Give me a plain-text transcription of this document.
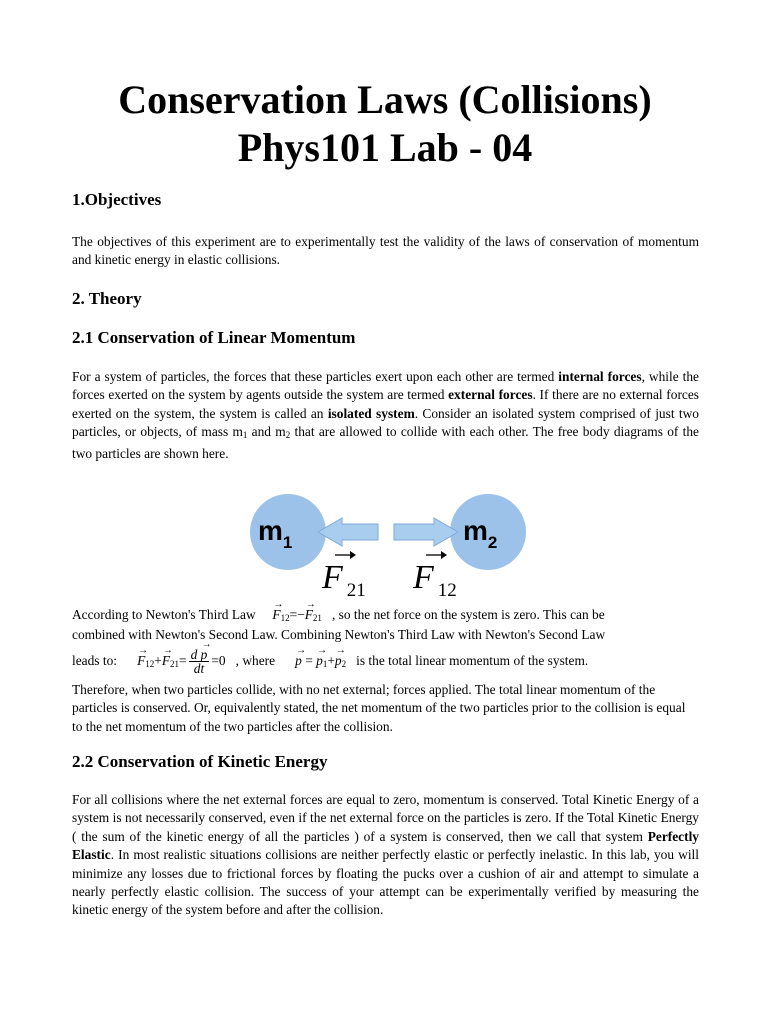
Conservation Laws (Collisions)
Phys101 Lab - 04
1.Objectives
The objectives of this experiment are to experimentally test the validity of the laws of conservation of momentum and kinetic energy in elastic collisions.
2. Theory
2.1 Conservation of Linear Momentum
For a system of particles, the forces that these particles exert upon each other are termed internal forces, while the forces exerted on the system by agents outside the system are termed external forces. If there are no external forces exerted on the system, the system is called an isolated system. Consider an isolated system comprised of just two particles, or objects, of mass $m_1$ and $m_2$ that are allowed to collide with each other. The free body diagrams of the two particles are shown here.
$m_1$	$m_2$
F $_{21}$ F $_{12}$
According to Newton's Third Law → $F_{12}=-\to F_{21}$ , so the net force on the system is zero. This can be
combined with Newton's Second Law. Combining Newton's Third Law with Newton's Second Law
leads to: → $F_{12}+\to F_{21}= \frac{d \to p}{dt} =0$ , where → p = → $p_1+\to p_2$ is the total linear momentum of the system.
Therefore, when two particles collide, with no net external; forces applied. The total linear momentum of the particles is conserved. Or, equivalently stated, the net momentum of the two particles prior to the collision is equal to the net momentum of the two particles after the collision.
2.2 Conservation of Kinetic Energy
For all collisions where the net external forces are equal to zero, momentum is conserved. Total Kinetic Energy of a system is not necessarily conserved, even if the net external force on the particles is zero. If the Total Kinetic Energy ( the sum of the kinetic energy of all the particles ) of a system is conserved, then we call that system Perfectly Elastic. In most realistic situations collisions are neither perfectly elastic or perfectly inelastic. In this lab, you will minimize any losses due to frictional forces by floating the pucks over a cushion of air and attempt to simulate a nearly perfectly elastic collision. The success of your attempt can be experimentally verified by measuring the kinetic energy of the system before and after the collision.
